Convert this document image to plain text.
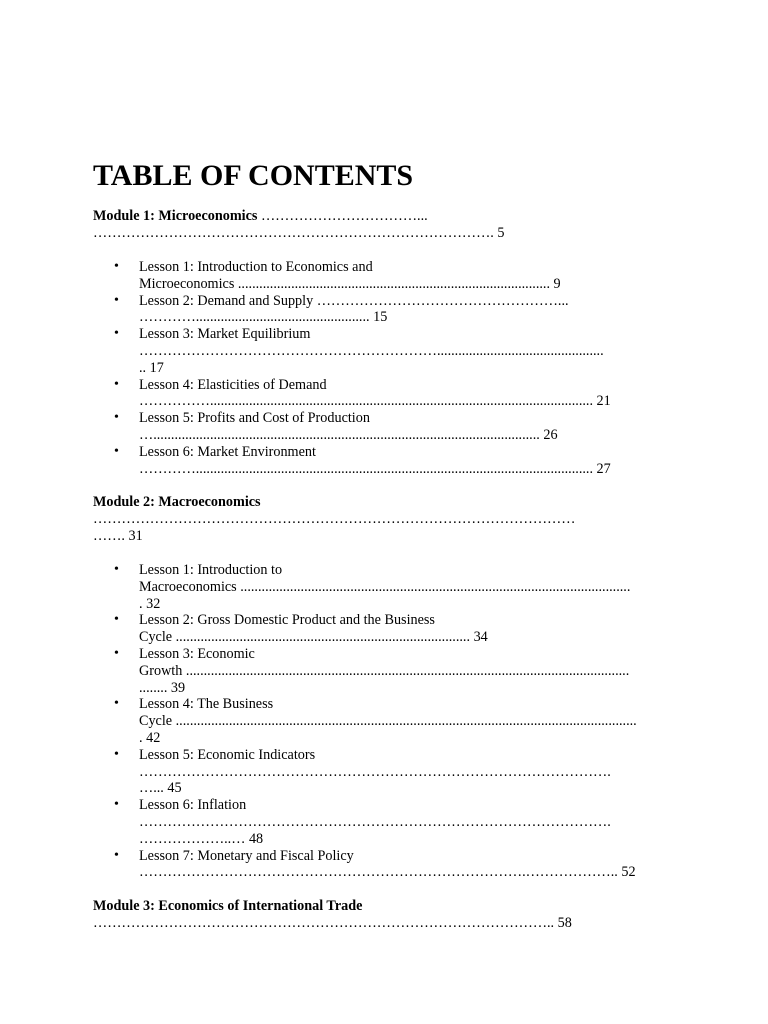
TABLE OF CONTENTS
Module 1: Microeconomics ……………………………...
…………………………………………………………………………. 5
• Lesson 1: Introduction to Economics and
Microeconomics ........................................................................................ 9
• Lesson 2: Demand and Supply ……………………………………………...
…………................................................. 15
• Lesson 3: Market Equilibrium
………………………………………………………...............................................
.. 17
• Lesson 4: Elasticities of Demand
……………............................................................................................................ 21
• Lesson 5: Profits and Cost of Production
…............................................................................................................. 26
• Lesson 6: Market Environment
…………................................................................................................................ 27
Module 2: Macroeconomics
…………………………………………………………………………………………
……. 31
• Lesson 1: Introduction to
Macroeconomics ..............................................................................................................
. 32
• Lesson 2: Gross Domestic Product and the Business
Cycle ................................................................................... 34
• Lesson 3: Economic
Growth .............................................................................................................................
........ 39
• Lesson 4: The Business
Cycle ..................................................................................................................................
. 42
• Lesson 5: Economic Indicators
……………………………………………………………………………………….
…... 45
• Lesson 6: Inflation
……………………………………………………………………………………….
………………..… 48
• Lesson 7: Monetary and Fiscal Policy
……………………………………………………………………….……………….. 52
Module 3: Economics of International Trade
…………………………………………………………………………………….. 58
